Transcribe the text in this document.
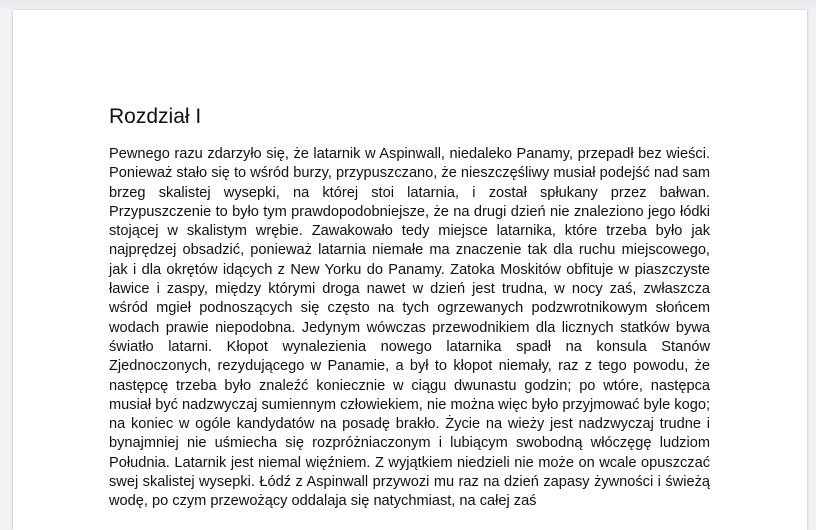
Rozdział I

Pewnego razu zdarzyło się, że latarnik w Aspinwall, niedaleko Panamy, przepadł bez wieści. Ponieważ stało się to wśród burzy, przypuszczano, że nieszczęśliwy musiał podejść nad sam brzeg skalistej wysepki, na której stoi latarnia, i został spłukany przez bałwan. Przypuszczenie to było tym prawdopodobniejsze, że na drugi dzień nie znaleziono jego łódki stojącej w skalistym wrębie. Zawakowało tedy miejsce latarnika, które trzeba było jak najprędzej obsadzić, ponieważ latarnia niemałe ma znaczenie tak dla ruchu miejscowego, jak i dla okrętów idących z New Yorku do Panamy. Zatoka Moskitów obfituje w piaszczyste ławice i zaspy, między którymi droga nawet w dzień jest trudna, w nocy zaś, zwłaszcza wśród mgieł podnoszących się często na tych ogrzewanych podzwrotnikowym słońcem wodach prawie niepodobna. Jedynym wówczas przewodnikiem dla licznych statków bywa światło latarni. Kłopot wynalezienia nowego latarnika spadł na konsula Stanów Zjednoczonych, rezydującego w Panamie, a był to kłopot niemały, raz z tego powodu, że następcę trzeba było znaleźć koniecznie w ciągu dwunastu godzin; po wtóre, następca musiał być nadzwyczaj sumiennym człowiekiem, nie można więc było przyjmować byle kogo; na koniec w ogóle kandydatów na posadę brakło. Życie na wieży jest nadzwyczaj trudne i bynajmniej nie uśmiecha się rozpróżniaczonym i lubiącym swobodną włóczęgę ludziom Południa. Latarnik jest niemal więźniem. Z wyjątkiem niedzieli nie może on wcale opuszczać swej skalistej wysepki. Łódź z Aspinwall przywozi mu raz na dzień zapasy żywności i świeżą wodę, po czym przewożący oddalaja się natychmiast, na całej zaś
